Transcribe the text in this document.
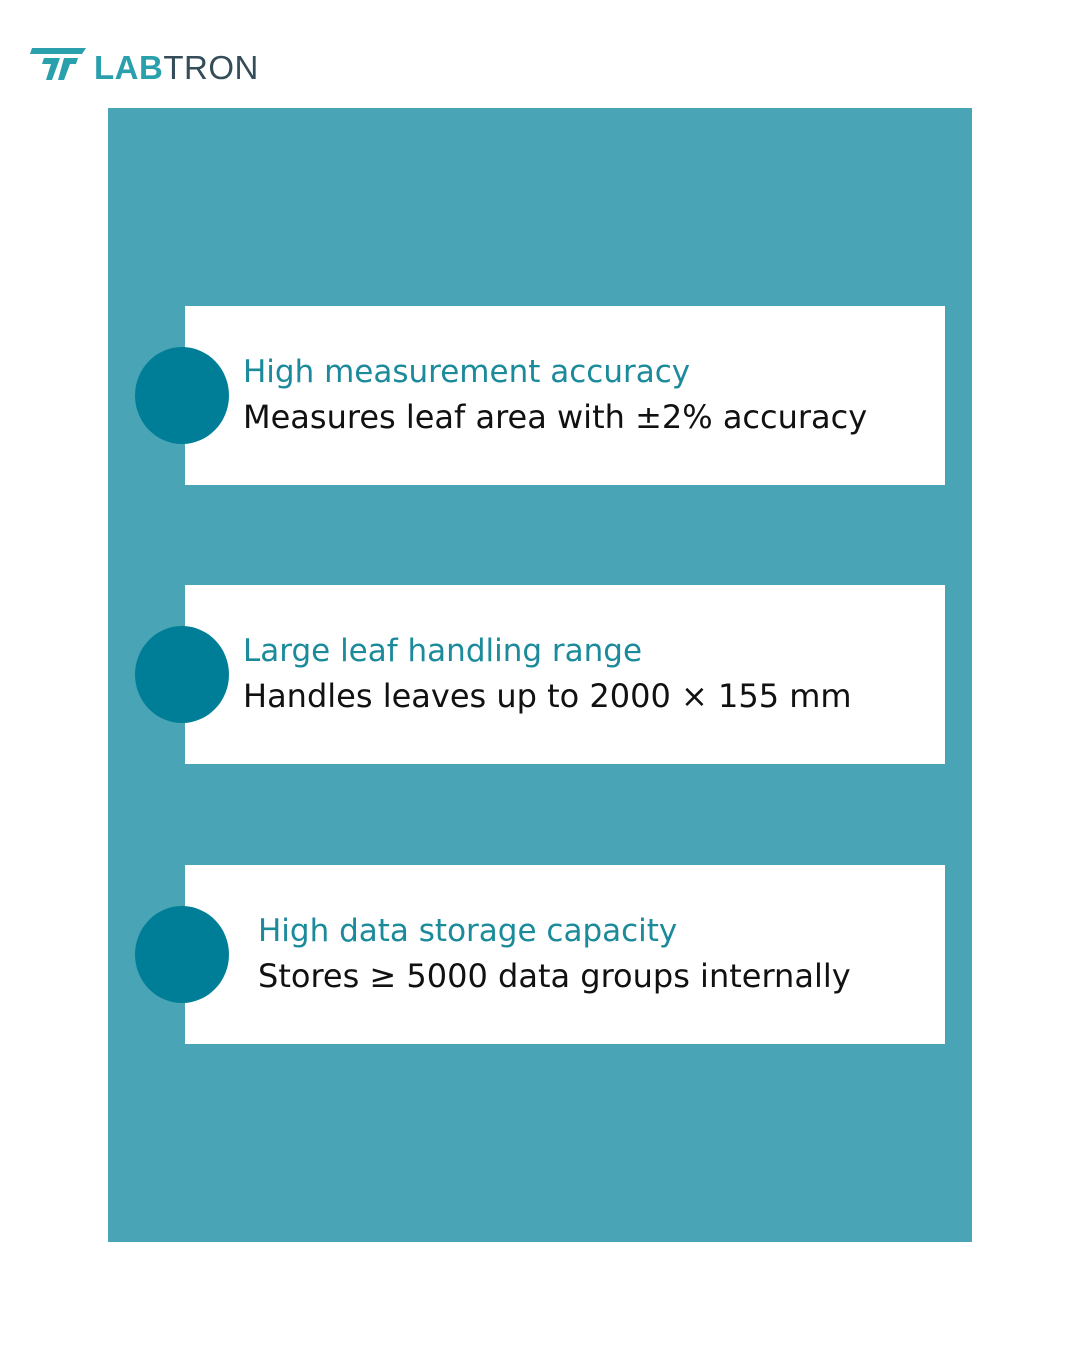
LABTRON
High measurement accuracy
Measures leaf area with ±2% accuracy
Large leaf handling range
Handles leaves up to 2000 × 155 mm
High data storage capacity
Stores ≥ 5000 data groups internally
